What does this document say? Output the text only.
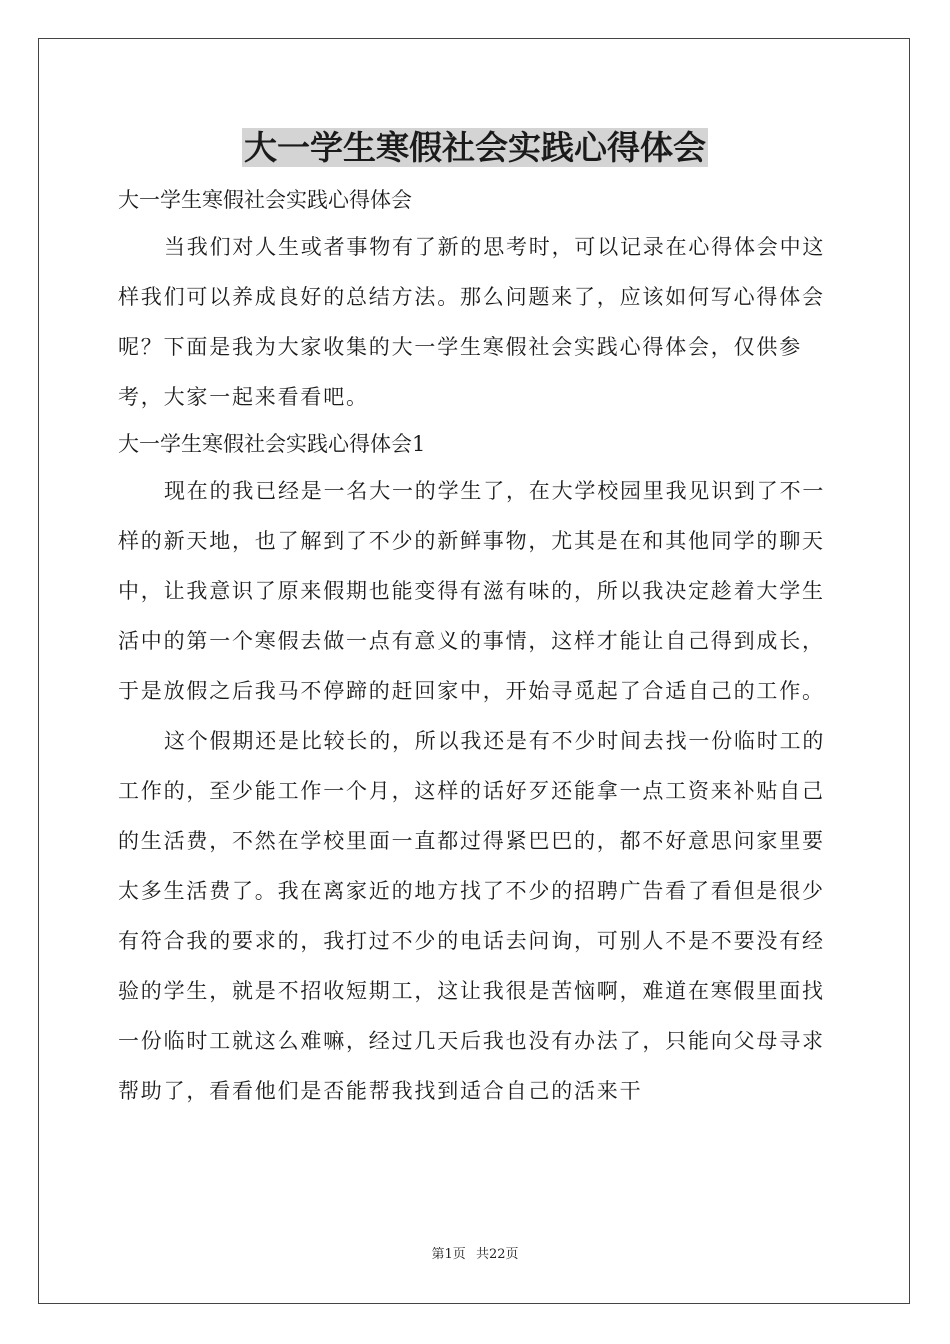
大一学生寒假社会实践心得体会

大一学生寒假社会实践心得体会

当我们对人生或者事物有了新的思考时，可以记录在心得体会中这样我们可以养成良好的总结方法。那么问题来了，应该如何写心得体会呢？下面是我为大家收集的大一学生寒假社会实践心得体会，仅供参考，大家一起来看看吧。

大一学生寒假社会实践心得体会1

现在的我已经是一名大一的学生了，在大学校园里我见识到了不一样的新天地，也了解到了不少的新鲜事物，尤其是在和其他同学的聊天中，让我意识了原来假期也能变得有滋有味的，所以我决定趁着大学生活中的第一个寒假去做一点有意义的事情，这样才能让自己得到成长，于是放假之后我马不停蹄的赶回家中，开始寻觅起了合适自己的工作。

这个假期还是比较长的，所以我还是有不少时间去找一份临时工的工作的，至少能工作一个月，这样的话好歹还能拿一点工资来补贴自己的生活费，不然在学校里面一直都过得紧巴巴的，都不好意思问家里要太多生活费了。我在离家近的地方找了不少的招聘广告看了看但是很少有符合我的要求的，我打过不少的电话去问询，可别人不是不要没有经验的学生，就是不招收短期工，这让我很是苦恼啊，难道在寒假里面找一份临时工就这么难嘛，经过几天后我也没有办法了，只能向父母寻求帮助了，看看他们是否能帮我找到适合自己的活来干

第1页 共22页
